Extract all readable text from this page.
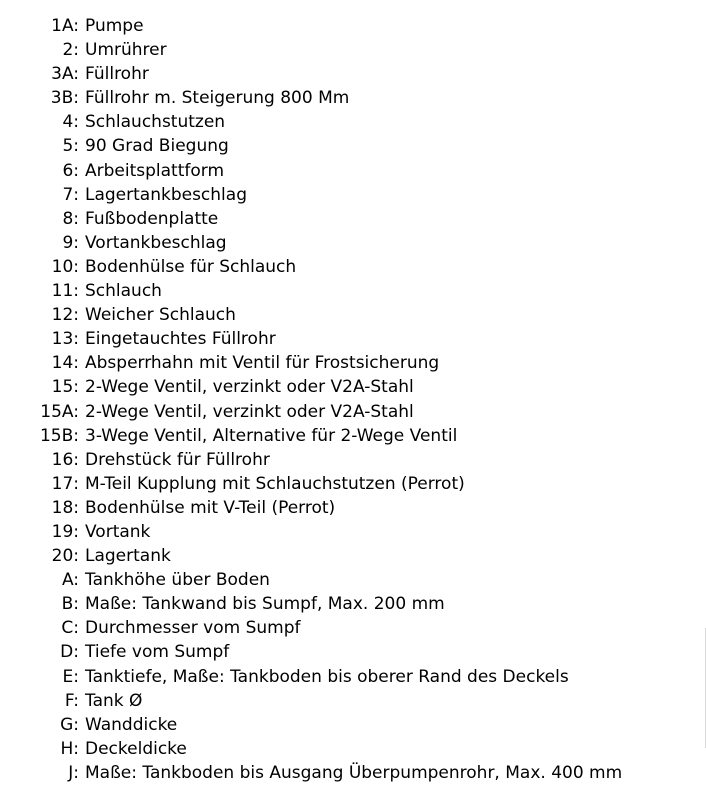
1A: Pumpe
2: Umrührer
3A: Füllrohr
3B: Füllrohr m. Steigerung 800 Mm
4: Schlauchstutzen
5: 90 Grad Biegung
6: Arbeitsplattform
7: Lagertankbeschlag
8: Fußbodenplatte
9: Vortankbeschlag
10: Bodenhülse für Schlauch
11: Schlauch
12: Weicher Schlauch
13: Eingetauchtes Füllrohr
14: Absperrhahn mit Ventil für Frostsicherung
15: 2-Wege Ventil, verzinkt oder V2A-Stahl
15A: 2-Wege Ventil, verzinkt oder V2A-Stahl
15B: 3-Wege Ventil, Alternative für 2-Wege Ventil
16: Drehstück für Füllrohr
17: M-Teil Kupplung mit Schlauchstutzen (Perrot)
18: Bodenhülse mit V-Teil (Perrot)
19: Vortank
20: Lagertank
A: Tankhöhe über Boden
B: Maße: Tankwand bis Sumpf, Max. 200 mm
C: Durchmesser vom Sumpf
D: Tiefe vom Sumpf
E: Tanktiefe, Maße: Tankboden bis oberer Rand des Deckels
F: Tank Ø
G: Wanddicke
H: Deckeldicke
J: Maße: Tankboden bis Ausgang Überpumpenrohr, Max. 400 mm
